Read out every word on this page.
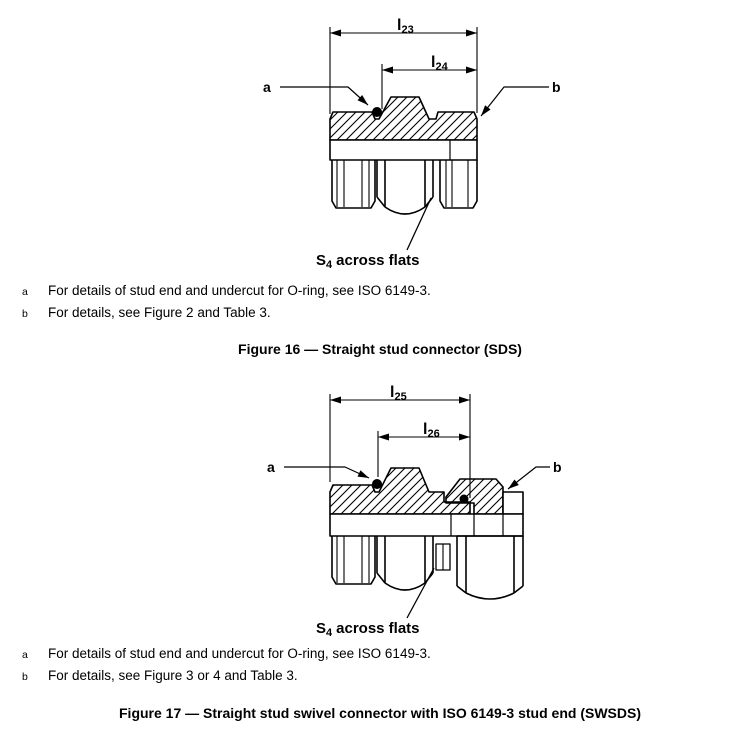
l23
l24
a	b
S4 across flats
l25
l26
a	b
S4 across flats
a For details of stud end and undercut for O-ring, see ISO 6149-3.
b For details, see Figure 2 and Table 3.
Figure 16 — Straight stud connector (SDS)
a For details of stud end and undercut for O-ring, see ISO 6149-3.
b For details, see Figure 3 or 4 and Table 3.
Figure 17 — Straight stud swivel connector with ISO 6149-3 stud end (SWSDS)
